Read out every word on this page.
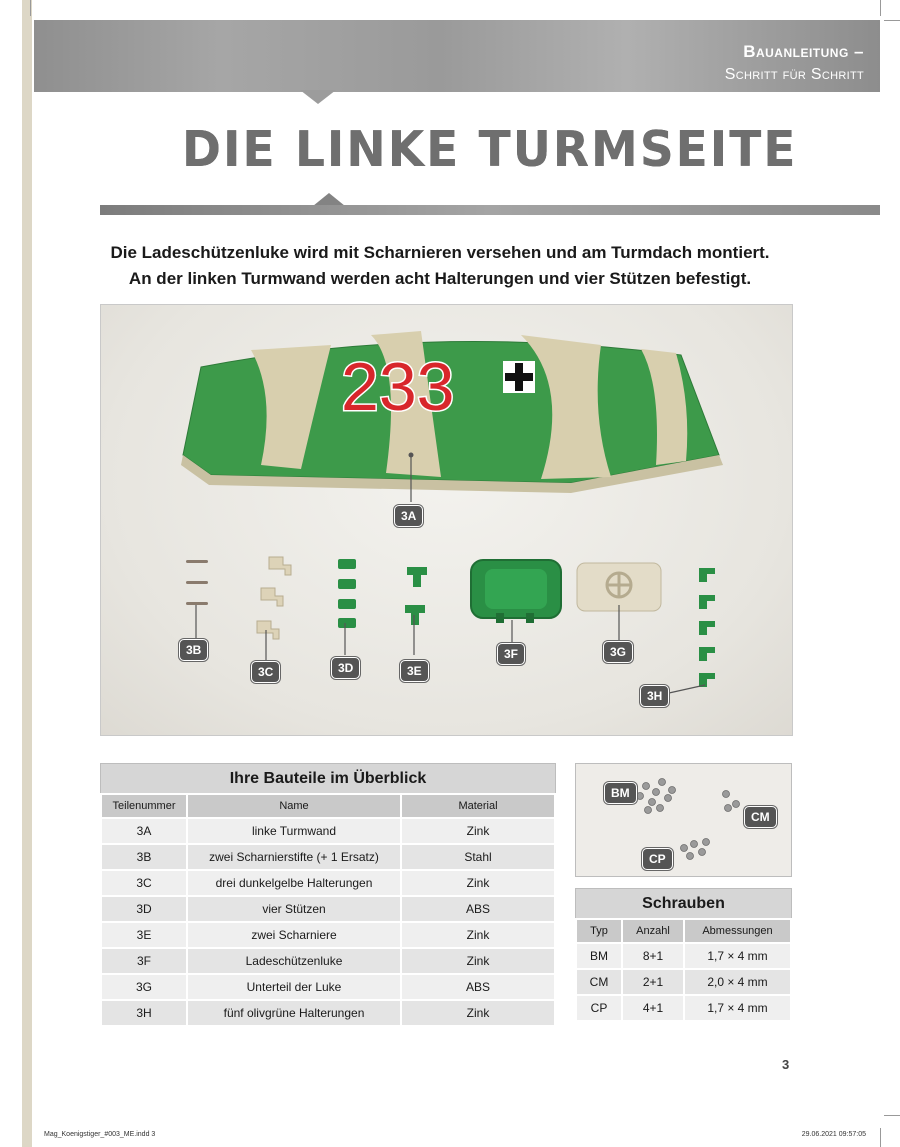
Bauanleitung –
Schritt für Schritt
DIE LINKE TURMSEITE
Die Ladeschützenluke wird mit Scharnieren versehen und am Turmdach montiert.
An der linken Turmwand werden acht Halterungen und vier Stützen befestigt.
233
3A
3B
3C	3D	3E
3F	3G
3H
Ihre Bauteile im Überblick
Teilenummer	Name	Material
3A	linke Turmwand	Zink
3B	zwei Scharnierstifte (+ 1 Ersatz)	Stahl
3C	drei dunkelgelbe Halterungen	Zink
3D	vier Stützen	ABS
3E	zwei Scharniere	Zink
3F	Ladeschützenluke	Zink
3G	Unterteil der Luke	ABS
3H	fünf olivgrüne Halterungen	Zink
BM
CM
CP
Schrauben
Typ	Anzahl	Abmessungen
BM	8+1	1,7 × 4 mm
CM	2+1	2,0 × 4 mm
CP	4+1	1,7 × 4 mm
3
Mag_Koenigstiger_#003_ME.indd 3	29.06.2021 09:57:05
